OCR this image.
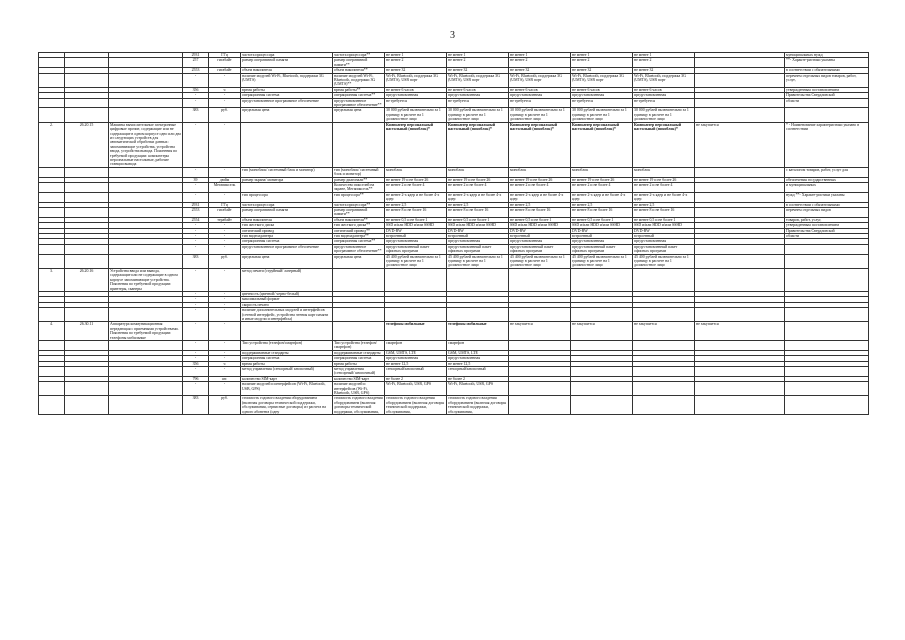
3
			2931	ГГц	частота процессора	частота процессора**	не менее 1	не менее 1	не менее 1	не менее 1	не менее 1		муниципальных нужд
			257	гигабайт	размер оперативной памяти	размер оперативной памяти**	не менее 2	не менее 2	не менее 2	не менее 2	не менее 2		**- Характе-ристики указаны
			2553	гигабайт	объем накопителя	объем накопителя**	не менее 32	не менее 32	не менее 32	не менее 32	не менее 32		в соответствии с обязательными
			-	-	наличие модулей Wi-Fi, Bluetooth, поддержки 3G (UMTS)	наличие модулей Wi-Fi, Bluetooth, поддержки 3G (UMTS)**	Wi-Fi, Bluetooth, поддержка 3G (UMTS), USB порт	Wi-Fi, Bluetooth, поддержка 3G (UMTS), USB порт	Wi-Fi, Bluetooth, поддержка 3G (UMTS), USB порт	Wi-Fi, Bluetooth, поддержка 3G (UMTS), USB порт	Wi-Fi, Bluetooth, поддержка 3G (UMTS), USB порт		перечнем отдельных видов товаров, работ, услуг,
			356	ч	время работы	время работы**	не менее 6 часов	не менее 6 часов	не менее 6 часов	не менее 6 часов	не менее 6 часов		утвержденным постановлением
			-	-	операционная система	операционная система**	предустановленная	предустановленная	предустановленная	предустановленная	предустановленная		Правительства Свердловской
			-	-	предустановленное программное обеспечение	предустановленное программное обеспечение**	не требуется	не требуется	не требуется	не требуется	не требуется		области
			383	руб.	предельная цена	предельная цена	30 000 рублей включительно за 1 единицу в расчете на 1 должностное лицо	30 000 рублей включительно за 1 единицу в расчете на 1 должностное лицо	30 000 рублей включительно за 1 единицу в расчете на 1 должностное лицо	30 000 рублей включительно за 1 единицу в расчете на 1 должностное лицо	30 000 рублей включительно за 1 единицу в расчете на 1 должностное лицо		
2.	26.20.15	Машины вычислительные электронные цифровые прочие, содержащие или не содержащие в одном корпусе одно или два из следующих устройств для автоматической обработки данных: запоминающие устройства, устройства ввода, устройства вывода. Пояснения по требуемой продукции: компьютеры персональные настольные, рабочие станции вывода	-	-			Компьютер персональный настольный (моноблок)*	Компьютер персональный настольный (моноблок)*	Компьютер персональный настольный (моноблок)*	Компьютер персональный настольный (моноблок)*	Компьютер персональный настольный (моноблок)*	не закупается	* - Наименование характеристики указано в соответствии
			-	-	тип (моноблок/ системный блок и монитор)	тип (моноблок/ системный блок и монитор)	моноблок	моноблок	моноблок	моноблок	моноблок		с каталогом товаров, работ, услуг для
			39	дюйм	размер экрана/ монитора	размер диагонали**	не менее 19 и не более 26	не менее 19 и не более 26	не менее 19 и не более 26	не менее 19 и не более 26	не менее 19 и не более 26		обеспечения государственных
			-	Мегапиксель		Количество пикселей на экране, Мегапиксель**	не менее 2 и не более 4	не менее 2 и не более 4	не менее 2 и не более 4	не менее 2 и не более 4	не менее 2 и не более 4		и муниципальных
			-	-	тип процессора	тип процессора**	не менее 2-х ядер и не более 4-х ядер	не менее 2-х ядер и не более 4-х ядер	не менее 2-х ядер и не более 4-х ядер	не менее 2-х ядер и не более 4-х ядер	не менее 2-х ядер и не более 4-х ядер		нужд **- Характе-ристики указаны
			2931	ГГц	частота процессора	частота процессора**	не менее 2,5	не менее 2,5	не менее 2,5	не менее 2,5	не менее 2,5		в соответствии с обязательными
			2553	гигабайт	размер оперативной памяти	размер оперативной памяти**	не менее 8 и не более 16	не менее 8 и не более 16	не менее 8 и не более 16	не менее 8 и не более 16	не менее 8 и не более 16		перечнем отдельных видов
			2554	терабайт	объем накопителя	объем накопителя**	не менее 0,5 и не более 1	не менее 0,5 и не более 1	не менее 0,5 и не более 1	не менее 0,5 и не более 1	не менее 0,5 и не более 1		товаров, работ, услуг,
			-	-	тип жесткого диска	тип жесткого диска**	SSD и/или HDD и/или SSHD	SSD и/или HDD и/или SSHD	SSD и/или HDD и/или SSHD	SSD и/или HDD и/или SSHD	SSD и/или HDD и/или SSHD		утвержденным постановлением
			-	-	оптический привод	оптический привод**	DVD-RW	DVD-RW	DVD-RW	DVD-RW	DVD-RW		Правительства Свердловской
			-	-	тип видеоадаптера	тип видеоадаптера**	встроенный	встроенный	встроенный	встроенный	встроенный		области
			-	-	операционная система	операционная система**	предустановленная	предустановленная	предустановленная	предустановленная	предустановленная		
			-	-	предустановленное программное обеспечение	предустановленное программное обеспечение**	предустановленный пакет офисных программ	предустановленный пакет офисных программ	предустановленный пакет офисных программ	предустановленный пакет офисных программ	предустановленный пакет офисных программ		
			383	руб.	предельная цена	предельная цена	45 400 рублей включительно за 1 единицу в расчете на 1 должностное лицо	45 400 рублей включительно за 1 единицу в расчете на 1 должностное лицо	45 400 рублей включительно за 1 единицу в расчете на 1 должностное лицо	45 400 рублей включительно за 1 единицу в расчете на 1 должностное лицо	45 400 рублей включительно за 1 единицу в расчете на 1 должностное лицо		
3.	26.20.16	Устройства ввода или вывода, содержащие или не содержащие в одном корпусе запоминающие устройства. Пояснения по требуемой продукции: принтеры, сканеры	-	-	метод печати (струйный/ лазерный)								
			-	-	цветность (цветной/ черно-белый)								
			-	-	максимальный формат								
			-	-	скорость печати								
			-	-	наличие дополнительных модулей и интерфейсов (сетевой интерфейс, устройства чтения карт памяти и иные модули и интерфейсы)								
4.	26.30.11	Аппаратура коммуникационная передающая с приемными устройствами. Пояснения по требуемой продукции: телефоны мобильные	-	-			телефоны мобильные	телефоны мобильные	не закупается	не закупается	не закупается	не закупается	
			-	-	Тип устройства (телефон/смартфон)	Тип устройства (телефон/смартфон)	смартфон	смартфон					
			-	-	поддерживаемые стандарты	поддерживаемые стандарты	GSM, UMTS, LTE	GSM, UMTS, LTE					
			-	-	операционная система	операционная система	предустановленная	предустановленная					
			356	ч	время работы	время работы	не менее 12,5	не менее 12,5					
			-	-	метод управления (сенсорный/ кнопочный)	метод управления (сенсорный/ кнопочный)	сенсорный/кнопочный	сенсорный/кнопочный					
			796	шт.	количество SIM-карт	количество SIM-карт	не более 2	не более 2					
			-	-	наличие модулей и интерфейсов (Wi-Fi, Bluetooth, USB, GPS)	наличие модулей и интерфейсов (Wi-Fi, Bluetooth, USB, GPS)	Wi-Fi, Bluetooth, USB, GPS	Wi-Fi, Bluetooth, USB, GPS					
			383	руб.	стоимость годового владения оборудованием (включая договоры технической поддержки, обслуживания, сервисные договоры) из расчета на одного абонента (одну	стоимость годового владения оборудованием (включая договоры технической поддержки, обслуживания,	стоимость годового владения оборудованием (включая договоры технической поддержки, обслуживания,	стоимость годового владения оборудованием (включая договоры технической поддержки, обслуживания,					
